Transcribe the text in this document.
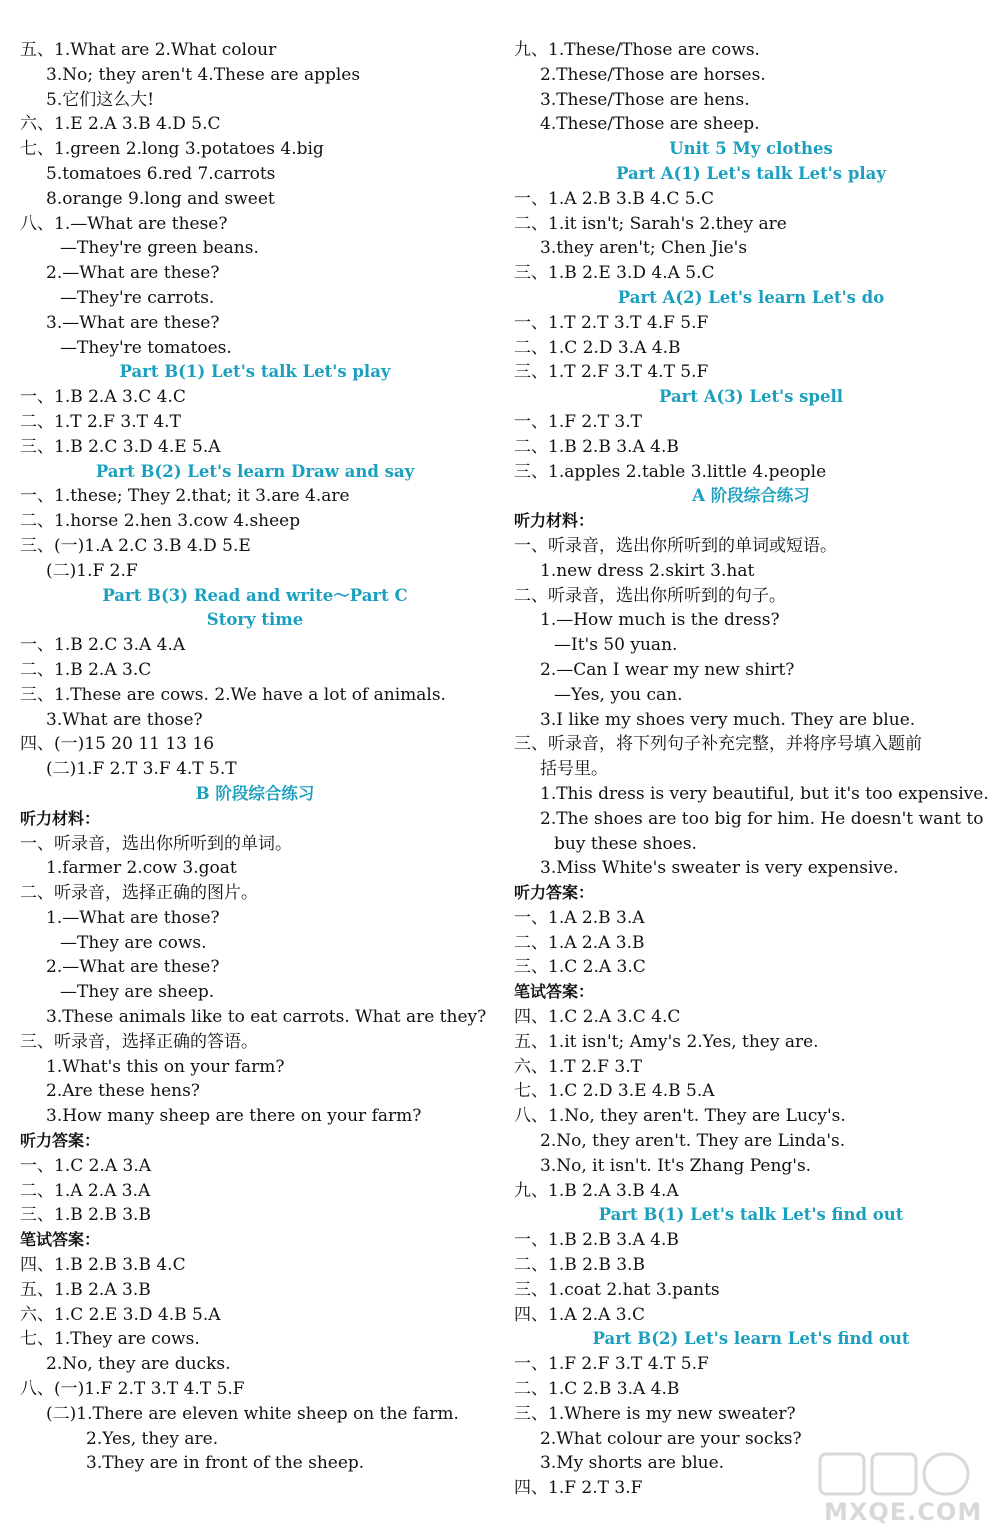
五、1.What are 2.What colour
3.No; they aren't 4.These are apples
5.它们这么大!
六、1.E 2.A 3.B 4.D 5.C
七、1.green 2.long 3.potatoes 4.big
5.tomatoes 6.red 7.carrots
8.orange 9.long and sweet
八、1.—What are these?
—They're green beans.
2.—What are these?
—They're carrots.
3.—What are these?
—They're tomatoes.
Part B(1) Let's talk Let's play
一、1.B 2.A 3.C 4.C
二、1.T 2.F 3.T 4.T
三、1.B 2.C 3.D 4.E 5.A
Part B(2) Let's learn Draw and say
一、1.these; They 2.that; it 3.are 4.are
二、1.horse 2.hen 3.cow 4.sheep
三、(一)1.A 2.C 3.B 4.D 5.E
(二)1.F 2.F
Part B(3) Read and write～Part C
Story time
一、1.B 2.C 3.A 4.A
二、1.B 2.A 3.C
三、1.These are cows. 2.We have a lot of animals.
3.What are those?
四、(一)15 20 11 13 16
(二)1.F 2.T 3.F 4.T 5.T
B 阶段综合练习
听力材料：
一、听录音，选出你所听到的单词。
1.farmer 2.cow 3.goat
二、听录音，选择正确的图片。
1.—What are those?
—They are cows.
2.—What are these?
—They are sheep.
3.These animals like to eat carrots. What are they?
三、听录音，选择正确的答语。
1.What's this on your farm?
2.Are these hens?
3.How many sheep are there on your farm?
听力答案：
一、1.C 2.A 3.A
二、1.A 2.A 3.A
三、1.B 2.B 3.B
笔试答案：
四、1.B 2.B 3.B 4.C
五、1.B 2.A 3.B
六、1.C 2.E 3.D 4.B 5.A
七、1.They are cows.
2.No, they are ducks.
八、(一)1.F 2.T 3.T 4.T 5.F
(二)1.There are eleven white sheep on the farm.
2.Yes, they are.
3.They are in front of the sheep.
九、1.These/Those are cows.
2.These/Those are horses.
3.These/Those are hens.
4.These/Those are sheep.
Unit 5 My clothes
Part A(1) Let's talk Let's play
一、1.A 2.B 3.B 4.C 5.C
二、1.it isn't; Sarah's 2.they are
3.they aren't; Chen Jie's
三、1.B 2.E 3.D 4.A 5.C
Part A(2) Let's learn Let's do
一、1.T 2.T 3.T 4.F 5.F
二、1.C 2.D 3.A 4.B
三、1.T 2.F 3.T 4.T 5.F
Part A(3) Let's spell
一、1.F 2.T 3.T
二、1.B 2.B 3.A 4.B
三、1.apples 2.table 3.little 4.people
A 阶段综合练习
听力材料：
一、听录音，选出你所听到的单词或短语。
1.new dress 2.skirt 3.hat
二、听录音，选出你所听到的句子。
1.—How much is the dress?
—It's 50 yuan.
2.—Can I wear my new shirt?
—Yes, you can.
3.I like my shoes very much. They are blue.
三、听录音，将下列句子补充完整，并将序号填入题前
括号里。
1.This dress is very beautiful, but it's too expensive.
2.The shoes are too big for him. He doesn't want to
buy these shoes.
3.Miss White's sweater is very expensive.
听力答案：
一、1.A 2.B 3.A
二、1.A 2.A 3.B
三、1.C 2.A 3.C
笔试答案：
四、1.C 2.A 3.C 4.C
五、1.it isn't; Amy's 2.Yes, they are.
六、1.T 2.F 3.T
七、1.C 2.D 3.E 4.B 5.A
八、1.No, they aren't. They are Lucy's.
2.No, they aren't. They are Linda's.
3.No, it isn't. It's Zhang Peng's.
九、1.B 2.A 3.B 4.A
Part B(1) Let's talk Let's find out
一、1.B 2.B 3.A 4.B
二、1.B 2.B 3.B
三、1.coat 2.hat 3.pants
四、1.A 2.A 3.C
Part B(2) Let's learn Let's find out
一、1.F 2.F 3.T 4.T 5.F
二、1.C 2.B 3.A 4.B
三、1.Where is my new sweater?
2.What colour are your socks?
3.My shorts are blue.
四、1.F 2.T 3.F
MXQE.COM
